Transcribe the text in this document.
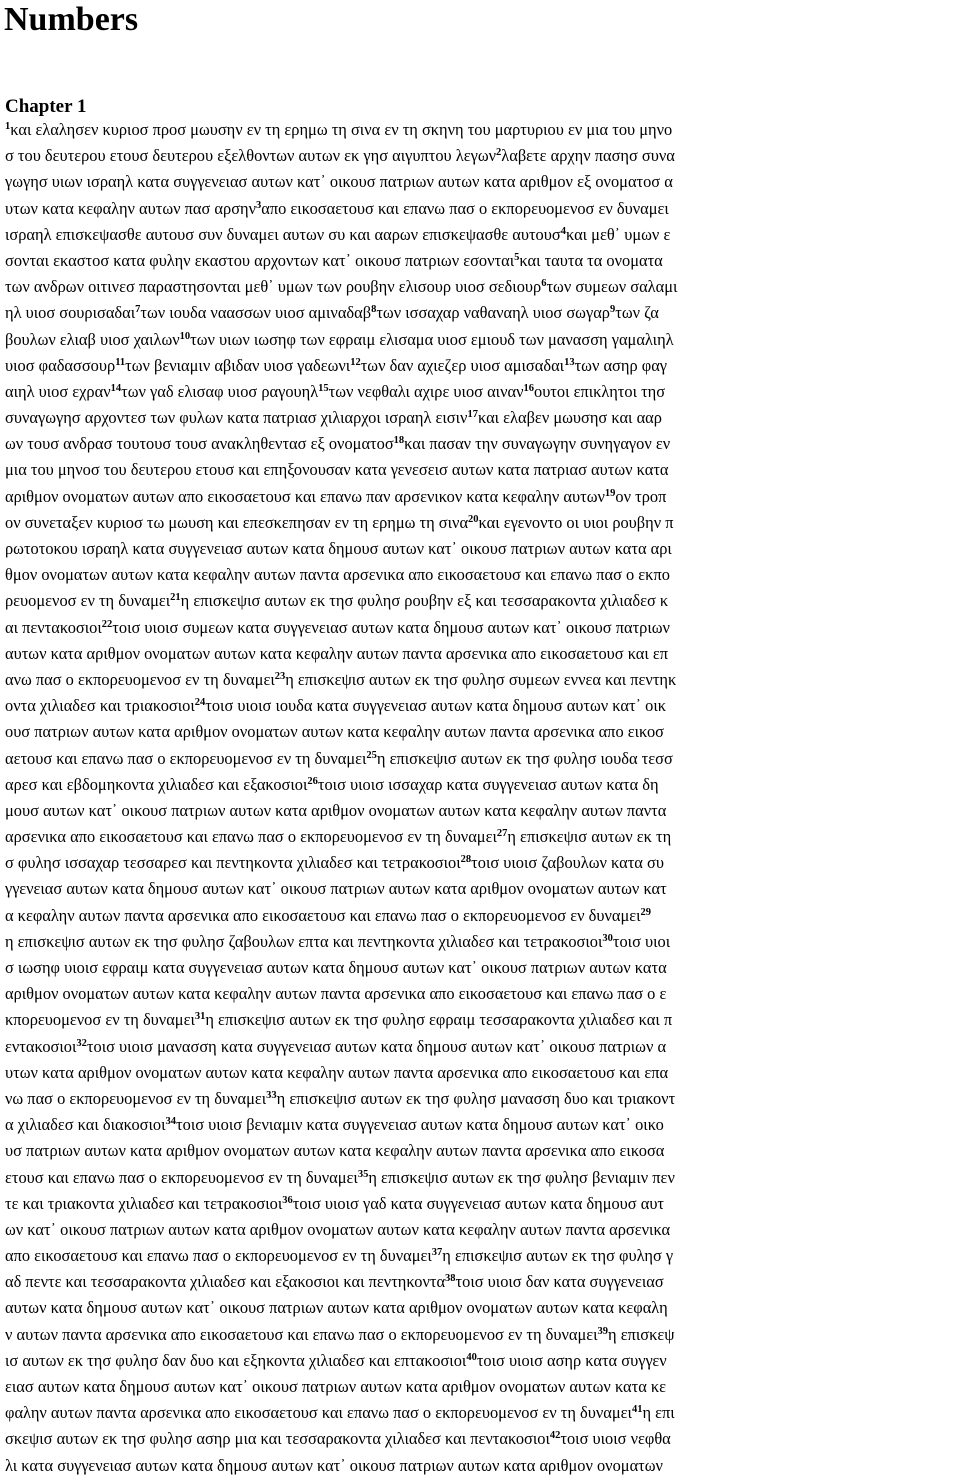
Numbers
Chapter 1
$^1$και ελαλησεν κυριοσ προσ μωυσην εν τη ερημω τη σινα εν τη σκηνη του μαρτυριου εν μια του μηνο
σ του δευτερου ετουσ δευτερου εξελθοντων αυτων εκ γησ αιγυπτου λεγων$^2$λαβετε αρχην πασησ συνα
γωγησ υιων ισραηλ κατα συγγενειασ αυτων κατ᾽ οικουσ πατριων αυτων κατα αριθμον εξ ονοματοσ α
υτων κατα κεφαλην αυτων πασ αρσην$^3$απο εικοσαετουσ και επανω πασ ο εκπορευομενοσ εν δυναμει
ισραηλ επισκεψασθε αυτουσ συν δυναμει αυτων συ και ααρων επισκεψασθε αυτουσ$^4$και μεθ᾽ υμων ε
σονται εκαστοσ κατα φυλην εκαστου αρχοντων κατ᾽ οικουσ πατριων εσονται$^5$και ταυτα τα ονοματα
των ανδρων οιτινεσ παραστησονται μεθ᾽ υμων των ρουβην ελισουρ υιοσ σεδιουρ$^6$των συμεων σαλαμι
ηλ υιοσ σουρισαδαι$^7$των ιουδα ναασσων υιοσ αμιναδαβ$^8$των ισσαχαρ ναθαναηλ υιοσ σωγαρ$^9$των ζα
βουλων ελιαβ υιοσ χαιλων$^{10}$των υιων ιωσηφ των εφραιμ ελισαμα υιοσ εμιουδ των μανασση γαμαλιηλ
υιοσ φαδασσουρ$^{11}$των βενιαμιν αβιδαν υιοσ γαδεωνι$^{12}$των δαν αχιεζερ υιοσ αμισαδαι$^{13}$των ασηρ φαγ
αιηλ υιοσ εχραν$^{14}$των γαδ ελισαφ υιοσ ραγουηλ$^{15}$των νεφθαλι αχιρε υιοσ αιναν$^{16}$ουτοι επικλητοι τησ
συναγωγησ αρχοντεσ των φυλων κατα πατριασ χιλιαρχοι ισραηλ εισιν$^{17}$και ελαβεν μωυσησ και ααρ
ων τουσ ανδρασ τουτουσ τουσ ανακληθεντασ εξ ονοματοσ$^{18}$και πασαν την συναγωγην συνηγαγον εν
μια του μηνοσ του δευτερου ετουσ και επηξονουσαν κατα γενεσεισ αυτων κατα πατριασ αυτων κατα
αριθμον ονοματων αυτων απο εικοσαετουσ και επανω παν αρσενικον κατα κεφαλην αυτων$^{19}$ον τροπ
ον συνεταξεν κυριοσ τω μωυση και επεσκεπησαν εν τη ερημω τη σινα$^{20}$και εγενοντο οι υιοι ρουβην π
ρωτοτοκου ισραηλ κατα συγγενειασ αυτων κατα δημουσ αυτων κατ᾽ οικουσ πατριων αυτων κατα αρι
θμον ονοματων αυτων κατα κεφαλην αυτων παντα αρσενικα απο εικοσαετουσ και επανω πασ ο εκπο
ρευομενοσ εν τη δυναμει$^{21}$η επισκεψισ αυτων εκ τησ φυλησ ρουβην εξ και τεσσαρακοντα χιλιαδεσ κ
αι πεντακοσιοι$^{22}$τοισ υιοισ συμεων κατα συγγενειασ αυτων κατα δημουσ αυτων κατ᾽ οικουσ πατριων
αυτων κατα αριθμον ονοματων αυτων κατα κεφαλην αυτων παντα αρσενικα απο εικοσαετουσ και επ
ανω πασ ο εκπορευομενοσ εν τη δυναμει$^{23}$η επισκεψισ αυτων εκ τησ φυλησ συμεων εννεα και πεντηκ
οντα χιλιαδεσ και τριακοσιοι$^{24}$τοισ υιοισ ιουδα κατα συγγενειασ αυτων κατα δημουσ αυτων κατ᾽ οικ
ουσ πατριων αυτων κατα αριθμον ονοματων αυτων κατα κεφαλην αυτων παντα αρσενικα απο εικοσ
αετουσ και επανω πασ ο εκπορευομενοσ εν τη δυναμει$^{25}$η επισκεψισ αυτων εκ τησ φυλησ ιουδα τεσσ
αρεσ και εβδομηκοντα χιλιαδεσ και εξακοσιοι$^{26}$τοισ υιοισ ισσαχαρ κατα συγγενειασ αυτων κατα δη
μουσ αυτων κατ᾽ οικουσ πατριων αυτων κατα αριθμον ονοματων αυτων κατα κεφαλην αυτων παντα
αρσενικα απο εικοσαετουσ και επανω πασ ο εκπορευομενοσ εν τη δυναμει$^{27}$η επισκεψισ αυτων εκ τη
σ φυλησ ισσαχαρ τεσσαρεσ και πεντηκοντα χιλιαδεσ και τετρακοσιοι$^{28}$τοισ υιοισ ζαβουλων κατα συ
γγενειασ αυτων κατα δημουσ αυτων κατ᾽ οικουσ πατριων αυτων κατα αριθμον ονοματων αυτων κατ
α κεφαλην αυτων παντα αρσενικα απο εικοσαετουσ και επανω πασ ο εκπορευομενοσ εν δυναμει$^{29}$
η επισκεψισ αυτων εκ τησ φυλησ ζαβουλων επτα και πεντηκοντα χιλιαδεσ και τετρακοσιοι$^{30}$τοισ υιοι
σ ιωσηφ υιοισ εφραιμ κατα συγγενειασ αυτων κατα δημουσ αυτων κατ᾽ οικουσ πατριων αυτων κατα
αριθμον ονοματων αυτων κατα κεφαλην αυτων παντα αρσενικα απο εικοσαετουσ και επανω πασ ο ε
κπορευομενοσ εν τη δυναμει$^{31}$η επισκεψισ αυτων εκ τησ φυλησ εφραιμ τεσσαρακοντα χιλιαδεσ και π
εντακοσιοι$^{32}$τοισ υιοισ μανασση κατα συγγενειασ αυτων κατα δημουσ αυτων κατ᾽ οικουσ πατριων α
υτων κατα αριθμον ονοματων αυτων κατα κεφαλην αυτων παντα αρσενικα απο εικοσαετουσ και επα
νω πασ ο εκπορευομενοσ εν τη δυναμει$^{33}$η επισκεψισ αυτων εκ τησ φυλησ μανασση δυο και τριακοντ
α χιλιαδεσ και διακοσιοι$^{34}$τοισ υιοισ βενιαμιν κατα συγγενειασ αυτων κατα δημουσ αυτων κατ᾽ οικο
υσ πατριων αυτων κατα αριθμον ονοματων αυτων κατα κεφαλην αυτων παντα αρσενικα απο εικοσα
ετουσ και επανω πασ ο εκπορευομενοσ εν τη δυναμει$^{35}$η επισκεψισ αυτων εκ τησ φυλησ βενιαμιν πεν
τε και τριακοντα χιλιαδεσ και τετρακοσιοι$^{36}$τοισ υιοισ γαδ κατα συγγενειασ αυτων κατα δημουσ αυτ
ων κατ᾽ οικουσ πατριων αυτων κατα αριθμον ονοματων αυτων κατα κεφαλην αυτων παντα αρσενικα
απο εικοσαετουσ και επανω πασ ο εκπορευομενοσ εν τη δυναμει$^{37}$η επισκεψισ αυτων εκ τησ φυλησ γ
αδ πεντε και τεσσαρακοντα χιλιαδεσ και εξακοσιοι και πεντηκοντα$^{38}$τοισ υιοισ δαν κατα συγγενειασ
αυτων κατα δημουσ αυτων κατ᾽ οικουσ πατριων αυτων κατα αριθμον ονοματων αυτων κατα κεφαλη
ν αυτων παντα αρσενικα απο εικοσαετουσ και επανω πασ ο εκπορευομενοσ εν τη δυναμει$^{39}$η επισκεψ
ισ αυτων εκ τησ φυλησ δαν δυο και εξηκοντα χιλιαδεσ και επτακοσιοι$^{40}$τοισ υιοισ ασηρ κατα συγγεν
ειασ αυτων κατα δημουσ αυτων κατ᾽ οικουσ πατριων αυτων κατα αριθμον ονοματων αυτων κατα κε
φαλην αυτων παντα αρσενικα απο εικοσαετουσ και επανω πασ ο εκπορευομενοσ εν τη δυναμει$^{41}$η επι
σκεψισ αυτων εκ τησ φυλησ ασηρ μια και τεσσαρακοντα χιλιαδεσ και πεντακοσιοι$^{42}$τοισ υιοισ νεφθα
λι κατα συγγενειασ αυτων κατα δημουσ αυτων κατ᾽ οικουσ πατριων αυτων κατα αριθμον ονοματων
